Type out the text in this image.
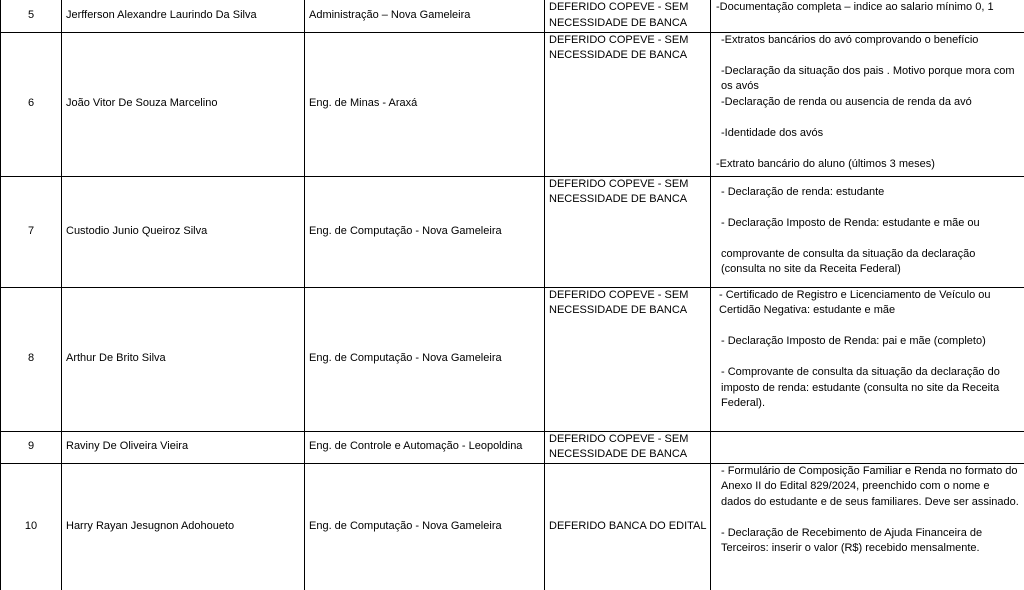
5	Jerfferson Alexandre Laurindo Da Silva	Administração – Nova Gameleira	DEFERIDO COPEVE - SEM
NECESSIDADE DE BANCA	-Documentação completa – indice ao salario mínimo 0, 1

6	João Vitor De Souza Marcelino	Eng. de Minas - Araxá	DEFERIDO COPEVE - SEM
NECESSIDADE DE BANCA	-Extratos bancários do avó comprovando o benefício
-Declaração da situação dos pais . Motivo porque mora com os avós
-Declaração de renda ou ausencia de renda da avó
-Identidade dos avós
-Extrato bancário do aluno (últimos 3 meses)

7	Custodio Junio Queiroz Silva	Eng. de Computação - Nova Gameleira	DEFERIDO COPEVE - SEM
NECESSIDADE DE BANCA	- Declaração de renda: estudante
- Declaração Imposto de Renda: estudante e mãe ou
comprovante de consulta da situação da declaração (consulta no site da Receita Federal)

8	Arthur De Brito Silva	Eng. de Computação - Nova Gameleira	DEFERIDO COPEVE - SEM
NECESSIDADE DE BANCA	- Certificado de Registro e Licenciamento de Veículo ou Certidão Negativa: estudante e mãe
- Declaração Imposto de Renda: pai e mãe (completo)
- Comprovante de consulta da situação da declaração do imposto de renda: estudante (consulta no site da Receita Federal).

9	Raviny De Oliveira Vieira	Eng. de Controle e Automação - Leopoldina	DEFERIDO COPEVE - SEM
NECESSIDADE DE BANCA	

10	Harry Rayan Jesugnon Adohoueto	Eng. de Computação - Nova Gameleira	DEFERIDO BANCA DO EDITAL	- Formulário de Composição Familiar e Renda no formato do Anexo II do Edital 829/2024, preenchido com o nome e dados do estudante e de seus familiares. Deve ser assinado.
- Declaração de Recebimento de Ajuda Financeira de Terceiros: inserir o valor (R$) recebido mensalmente.
